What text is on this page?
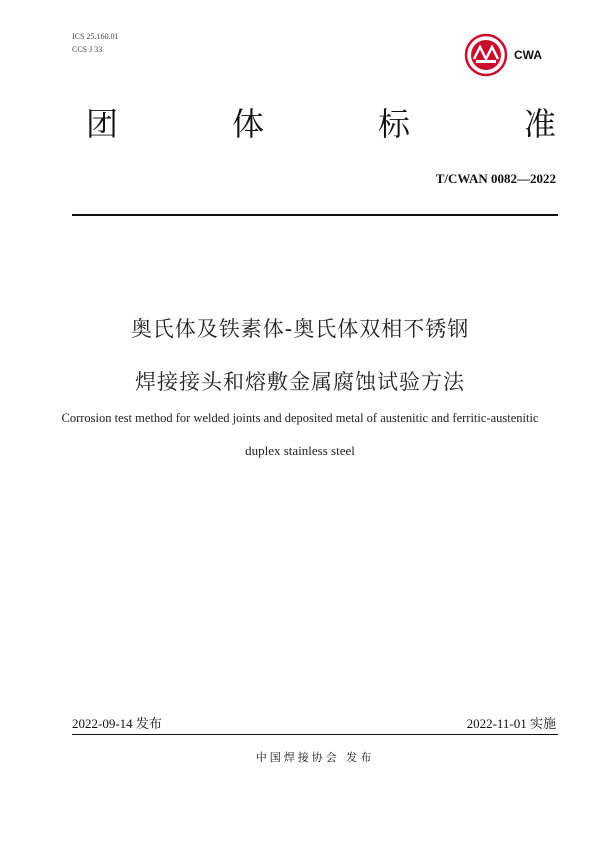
ICS 25.160.01
CCS J 33	CWA
团	体	标	准
T/CWAN 0082—2022
奥氏体及铁素体-奥氏体双相不锈钢
焊接接头和熔敷金属腐蚀试验方法
Corrosion test method for welded joints and deposited metal of austenitic and ferritic-austenitic
duplex stainless steel
2022-09-14 发布	2022-11-01 实施
中国焊接协会 发布
